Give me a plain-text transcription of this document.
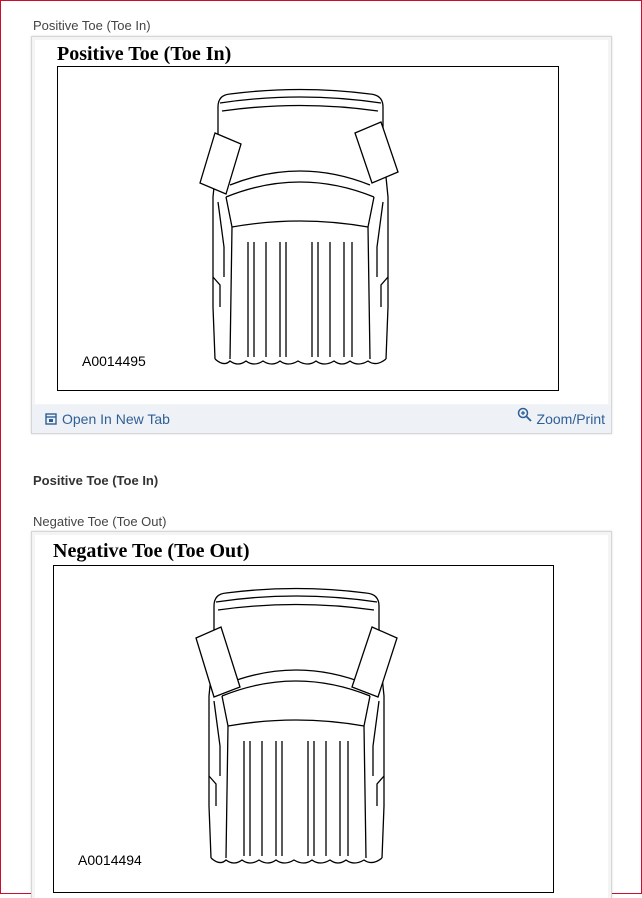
Positive Toe (Toe In)
Positive Toe (Toe In)
A0014495
Open In New Tab	Zoom/Print
Positive Toe (Toe In)
Negative Toe (Toe Out)
Negative Toe (Toe Out)
A0014494
